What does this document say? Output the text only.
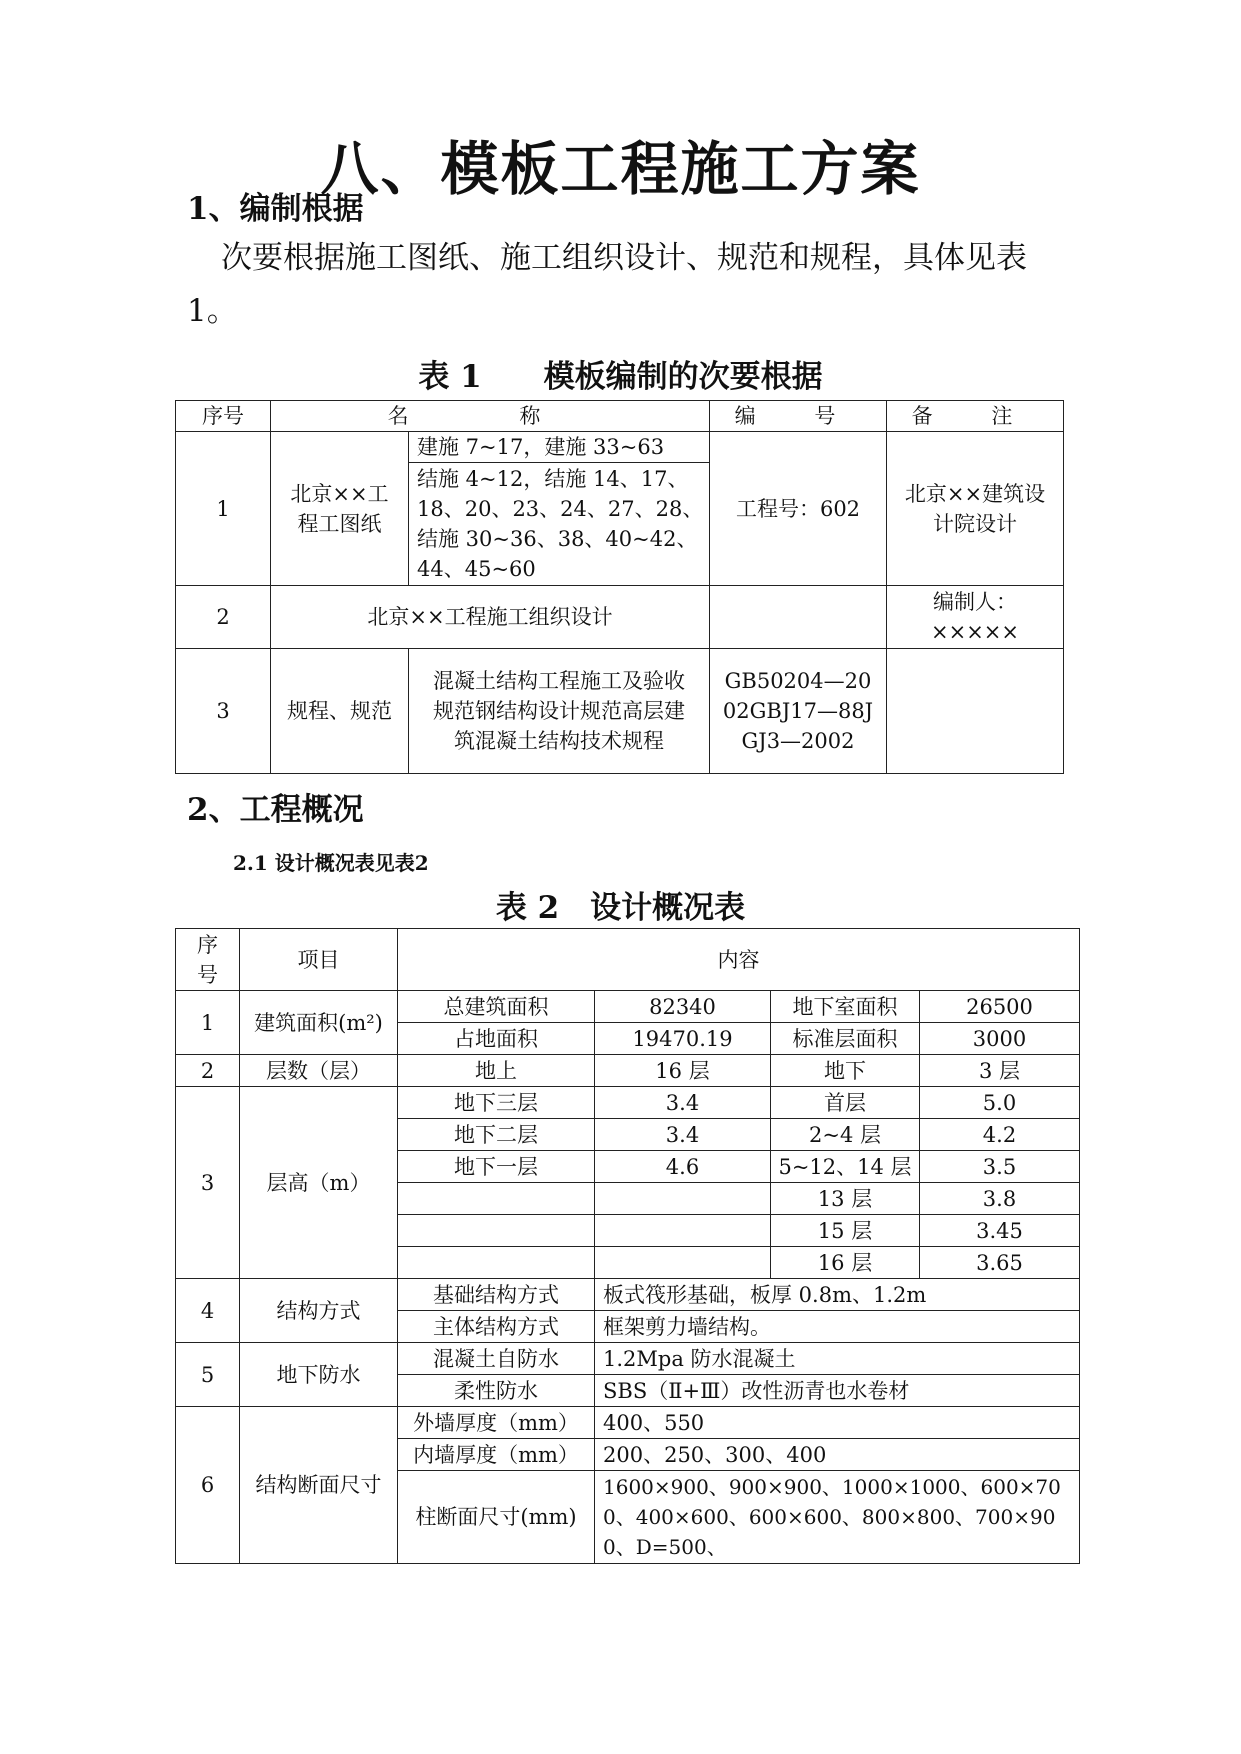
八、模板工程施工方案
1、编制根据
次要根据施工图纸、施工组织设计、规范和规程，具体见表
1。
表 1　　模板编制的次要根据
序号	名 称		编 号	备 注
1	北京××工程工图纸	建施 7~17，建施 33~63	工程号：602	北京××建筑设计院设计
		结施 4~12，结施 14、17、18、20、23、24、27、28、结施 30~36、38、40~42、44、45~60		
2	北京××工程施工组织设计			编制人：×××××
3	规程、规范	混凝土结构工程施工及验收规范钢结构设计规范高层建筑混凝土结构技术规程	GB50204—2002GBJ17—88JGJ3—2002	
2、工程概况
2.1 设计概况表见表2
表 2　设计概况表
序号	项目	内容			
1	建筑面积(m²)	总建筑面积	82340	地下室面积	26500
		占地面积	19470.19	标准层面积	3000
2	层数（层）	地上	16 层	地下	3 层
3	层高（m）	地下三层	3.4	首层	5.0
		地下二层	3.4	2~4 层	4.2
		地下一层	4.6	5~12、14 层	3.5
				13 层	3.8
				15 层	3.45
				16 层	3.65
4	结构方式	基础结构方式	板式筏形基础，板厚 0.8m、1.2m		
		主体结构方式	框架剪力墙结构。		
5	地下防水	混凝土自防水	1.2Mpa 防水混凝土		
		柔性防水	SBS（Ⅱ+Ⅲ）改性沥青也水卷材		
6	结构断面尺寸	外墙厚度（mm）	400、550		
		内墙厚度（mm）	200、250、300、400		
		柱断面尺寸(mm)	1600×900、900×900、1000×1000、600×700、400×600、600×600、800×800、700×900、D=500、		
